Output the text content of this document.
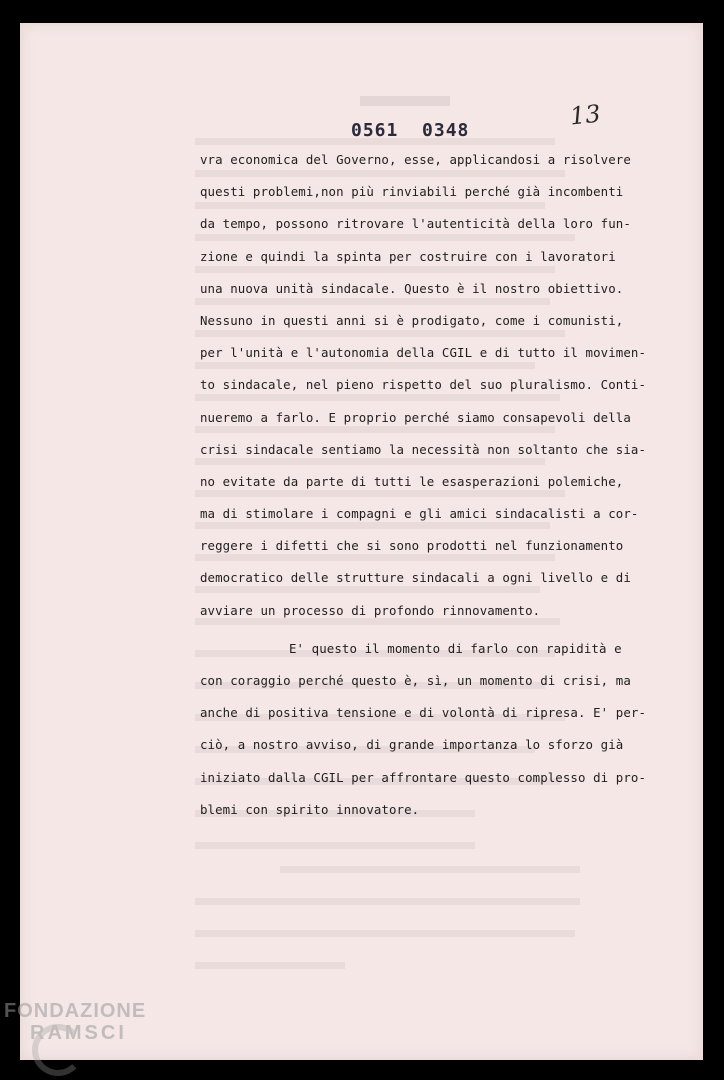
13
0561  0348
vra economica del Governo, esse, applicandosi a risolvere
questi problemi,non più rinviabili perché già incombenti
da tempo, possono ritrovare l'autenticità della loro fun-
zione e quindi la spinta per costruire con i lavoratori
una nuova unità sindacale. Questo è il nostro obiettivo.
Nessuno in questi anni si è prodigato, come i comunisti,
per l'unità e l'autonomia della CGIL e di tutto il movimen-
to sindacale, nel pieno rispetto del suo pluralismo. Conti-
nueremo a farlo. E proprio perché siamo consapevoli della
crisi sindacale sentiamo la necessità non soltanto che sia-
no evitate da parte di tutti le esasperazioni polemiche,
ma di stimolare i compagni e gli amici sindacalisti a cor-
reggere i difetti che si sono prodotti nel funzionamento
democratico delle strutture sindacali a ogni livello e di
avviare un processo di profondo rinnovamento.
E' questo il momento di farlo con rapidità e
con coraggio perché questo è, sì, un momento di crisi, ma
anche di positiva tensione e di volontà di ripresa. E' per-
ciò, a nostro avviso, di grande importanza lo sforzo già
iniziato dalla CGIL per affrontare questo complesso di pro-
blemi con spirito innovatore.
FONDAZIONE
RAMSCI
